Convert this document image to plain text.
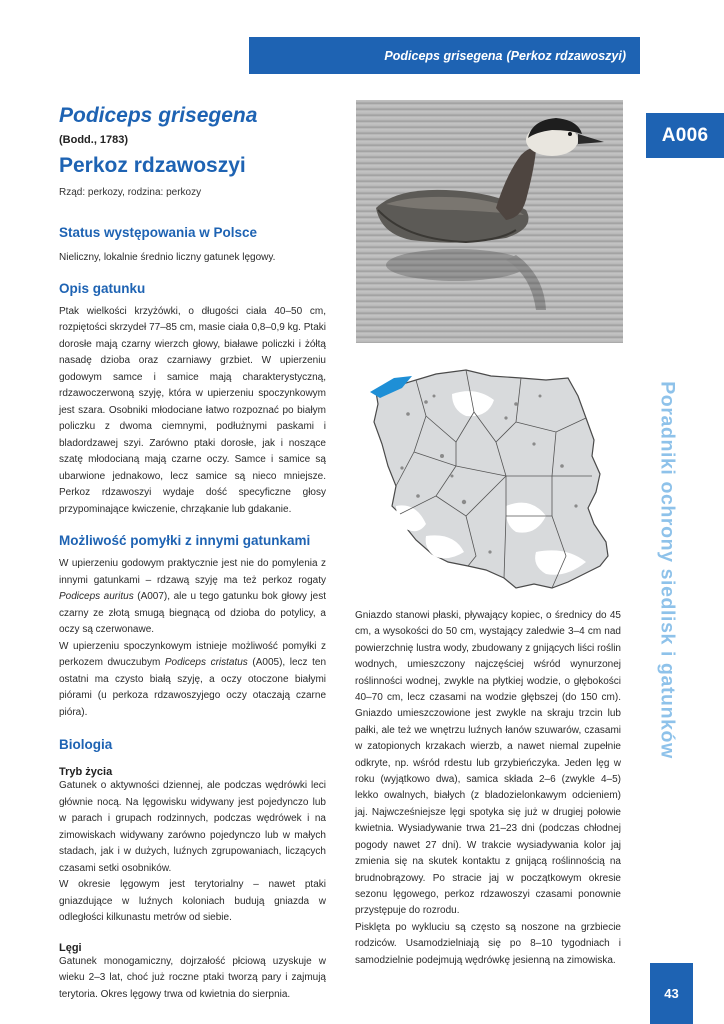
Podiceps grisegena (Perkoz rdzawoszyi)
A006
Poradniki ochrony siedlisk i gatunków
43
Podiceps grisegena
(Bodd., 1783)
Perkoz rdzawoszyi
Rząd: perkozy, rodzina: perkozy
Status występowania w Polsce

Nieliczny, lokalnie średnio liczny gatunek lęgowy.

Opis gatunku

Ptak wielkości krzyżówki, o długości ciała 40–50 cm, rozpiętości skrzydeł 77–85 cm, masie ciała 0,8–0,9 kg. Ptaki dorosłe mają czarny wierzch głowy, białawe policzki i żółtą nasadę dzioba oraz czarniawy grzbiet. W upierzeniu godowym samce i samice mają charakterystyczną, rdzawoczerwoną szyję, która w upierzeniu spoczynkowym jest szara. Osobniki młodociane łatwo rozpoznać po białym policzku z dwoma ciemnymi, podłużnymi paskami i bladordzawej szyi. Zarówno ptaki dorosłe, jak i noszące szatę młodocianą mają czarne oczy. Samce i samice są ubarwione jednakowo, lecz samice są nieco mniejsze. Perkoz rdzawoszyi wydaje dość specyficzne głosy przypominające kwiczenie, chrząkanie lub gdakanie.

Możliwość pomyłki z innymi gatunkami

W upierzeniu godowym praktycznie jest nie do pomylenia z innymi gatunkami – rdzawą szyję ma też perkoz rogaty Podiceps auritus (A007), ale u tego gatunku bok głowy jest czarny ze złotą smugą biegnącą od dzioba do potylicy, a oczy są czerwonawe.

W upierzeniu spoczynkowym istnieje możliwość pomyłki z perkozem dwuczubym Podiceps cristatus (A005), lecz ten ostatni ma czysto białą szyję, a oczy otoczone białymi piórami (u perkoza rdzawoszyjego oczy otaczają czarne pióra).

Biologia
Tryb życia

Gatunek o aktywności dziennej, ale podczas wędrówki leci głównie nocą. Na lęgowisku widywany jest pojedynczo lub w parach i grupach rodzinnych, podczas wędrówek i na zimowiskach widywany zarówno pojedynczo lub w małych stadach, jak i w dużych, luźnych zgrupowaniach, liczących czasami setki osobników.

W okresie lęgowym jest terytorialny – nawet ptaki gniazdujące w luźnych koloniach budują gniazda w odległości kilkunastu metrów od siebie.

Lęgi

Gatunek monogamiczny, dojrzałość płciową uzyskuje w wieku 2–3 lat, choć już roczne ptaki tworzą pary i zajmują terytoria. Okres lęgowy trwa od kwietnia do sierpnia.

Gniazdo stanowi płaski, pływający kopiec, o średnicy do 45 cm, a wysokości do 50 cm, wystający zaledwie 3–4 cm nad powierzchnię lustra wody, zbudowany z gnijących liści roślin wodnych, umieszczony najczęściej wśród wynurzonej roślinności wodnej, zwykle na płytkiej wodzie, o głębokości 40–70 cm, lecz czasami na wodzie głębszej (do 150 cm). Gniazdo umieszczowione jest zwykle na skraju trzcin lub pałki, ale też we wnętrzu luźnych łanów szuwarów, czasami w zatopionych krzakach wierzb, a nawet niemal zupełnie odkryte, np. wśród rdestu lub grzybieńczyka. Jeden lęg w roku (wyjątkowo dwa), samica składa 2–6 (zwykle 4–5) lekko owalnych, białych (z bladozielonkawym odcieniem) jaj. Najwcześniejsze lęgi spotyka się już w drugiej połowie kwietnia. Wysiadywanie trwa 21–23 dni (podczas chłodnej pogody nawet 27 dni). W trakcie wysiadywania kolor jaj zmienia się na skutek kontaktu z gnijącą roślinnością na brudnobrązowy. Po stracie jaj w początkowym okresie sezonu lęgowego, perkoz rdzawoszyi czasami ponownie przystępuje do rozrodu.

Pisklęta po wykluciu są często są noszone na grzbiecie rodziców. Usamodzielniają się po 8–10 tygodniach i samodzielnie podejmują wędrówkę jesienną na zimowiska.
